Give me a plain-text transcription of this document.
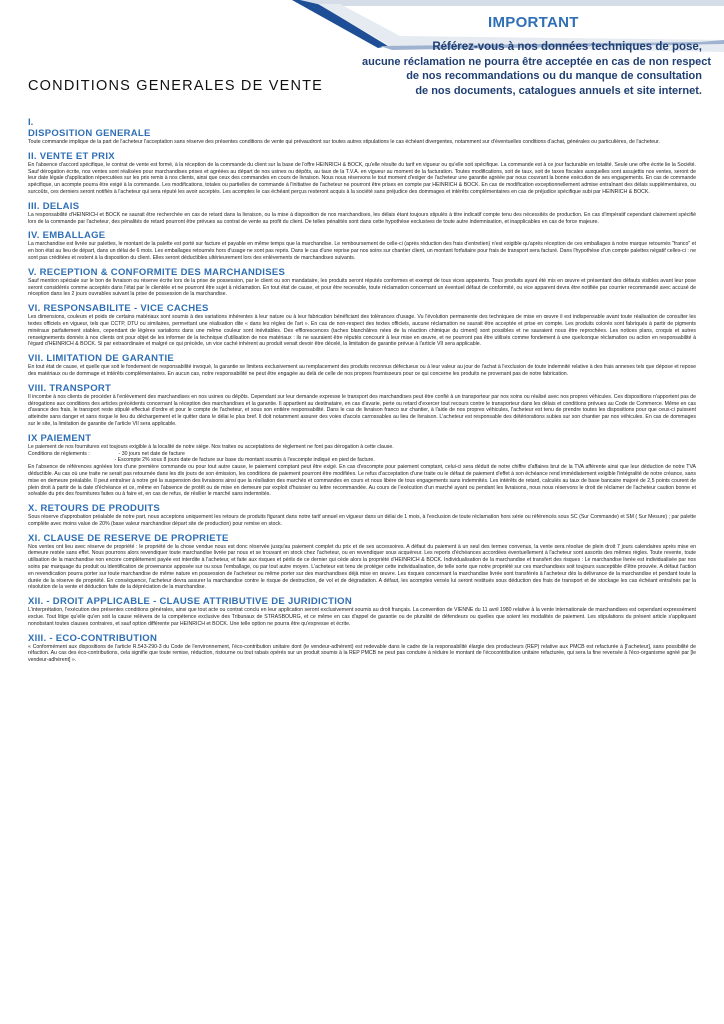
IMPORTANT
Référez-vous à nos données techniques de pose,
aucune réclamation ne pourra être acceptée en cas de non respect
de nos recommandations ou du manque de consultation
de nos documents, catalogues annuels et site internet.
CONDITIONS GENERALES DE VENTE
I.
DISPOSITION GENERALE
Toute commande implique de la part de l'acheteur l'acceptation sans réserve des présentes conditions de vente qui prévaudront sur toutes autres stipulations le cas échéant divergentes, notamment sur d'éventuelles conditions d'achat, générales ou particulières, de l'acheteur.
II. VENTE ET PRIX
En l'absence d'accord spécifique, le contrat de vente est formé, à la réception de la commande du client sur la base de l'offre HEINRICH & BOCK, qu'elle résulte du tarif en vigueur ou qu'elle soit spécifique. La commande est à ce jour facturable en totalité. Seule une offre écrite lie la Société. Sauf dérogation écrite, nos ventes sont réalisées pour marchandises prises et agréées au départ de nos usines ou dépôts, au taux de la T.V.A. en vigueur au moment de la facturation. Toutes modifications, soit de taux, soit de taxes fiscales auxquelles sont assujettis nos ventes, seront de leur date légale d'application répercutées sur les prix remis à nos clients, ainsi que ceux des commandes en cours de livraison. Nous nous réservons le tout moment d'exiger de l'acheteur une garantie agréée par nous couvrant la bonne exécution de ses engagements. En cas de commande spécifique, un acompte pourra être exigé à la commande. Les modifications, totales ou partielles de commande à l'initiative de l'acheteur ne pourront être prises en compte par HEINRICH & BOCK. En cas de modification exceptionnellement admise entraînant des délais supplémentaires, ou surcoûts, ces derniers seront notifiés à l'acheteur qui sera réputé les avoir acceptés. Les acomptes le cas échéant perçus resteront acquis à la société sans préjudice des dommages et intérêts complémentaires en cas de préjudice spécifique subi par HEINRICH & BOCK.
III. DELAIS
La responsabilité d'HEINRICH et BOCK ne saurait être recherchée en cas de retard dans la livraison, ou la mise à disposition de nos marchandises, les délais étant toujours stipulés à titre indicatif compte tenu des nécessités de production. En cas d'impératif cependant clairement spécifié lors de la commande par l'acheteur, des pénalités de retard pourront être prévues au contrat de vente au profit du client. De telles pénalités sont dans cette hypothèse exclusives de toute autre indemnisation, et inapplicables en cas de force majeure.
IV. EMBALLAGE
La marchandise est livrée sur palettes, le montant de la palette est porté sur facture et payable en même temps que la marchandise. Le remboursement de celle-ci (après réduction des frais d'entretien) n'est exigible qu'après réception de ces emballages à notre marque retournés "franco" et en bon état au lieu de départ, dans un délai de 6 mois. Les emballages retournés hors d'usage ne sont pas repris. Dans le cas d'une reprise par nos soins sur chantier client, un montant forfaitaire pour frais de transport sera facturé. Dans l'hypothèse d'un compte palettes négatif celles-ci : ne sont pas créditées et restent à la disposition du client. Elles seront déductibles ultérieurement lors des enlèvements de marchandises suivants.
V. RECEPTION & CONFORMITE DES MARCHANDISES
Sauf mention spéciale sur le bon de livraison ou réserve écrite lors de la prise de possession, par le client ou son mandataire, les produits seront réputés conformes et exempt de tous vices apparents. Tous produits ayant été mis en œuvre et présentant des défauts visibles avant leur pose seront considérés comme acceptés dans l'état par le clientèle et ne pourront être sujet à réclamation. En tout état de cause, et pour être recevable, toute réclamation concernant un éventuel défaut de conformité, ou vice apparent devra être notifiée par courrier recommandé avec accusé de réception dans les 2 jours ouvrables suivant la prise de possession de la marchandise.
VI. RESPONSABILITE - VICE CACHES
Les dimensions, couleurs et poids de certains matériaux sont soumis à des variations inhérentes à leur nature ou à leur fabrication bénéficiant des tolérances d'usage. Vu l'évolution permanente des techniques de mise en œuvre il est indispensable avant toute réalisation de consulter les textes officiels en vigueur, tels que CCTP, DTU ou similaires, permettant une réalisation dite « dans les règles de l'art ». En cas de non-respect des textes officiels, aucune réclamation ne saurait être acceptée et prise en compte. Les produits colorés sont fabriqués à partir de pigments minéraux parfaitement stables, cependant de légères variations dans une même couleur sont inévitables. Des efflorescences (taches blanchâtres nées de la réaction chimique du ciment) sont possibles et ne sauraient nous être reprochées. Les notices plans, croquis et autres renseignements donnés à nos clients ont pour objet de les informer de la technique d'utilisation de nos matériaux : ils ne sauraient être réputés concourir à leur mise en œuvre, et ne pourront pas être utilisés comme fondement à une quelconque réclamation ou action en responsabilité à l'égard d'HEINRICH & BOCK. Si par extraordinaire et malgré ce qui précède, un vice caché inhérent au produit venait devoir être décelé, la limitation de garantie prévue à l'article VII sera applicable.
VII. LIMITATION DE GARANTIE
En tout état de cause, et quelle que soit le fondement de responsabilité invoqué, la garantie se limitera exclusivement au remplacement des produits reconnus défectueux ou à leur valeur au jour de l'achat à l'exclusion de toute indemnité relative à des frais annexes tels que dépose et repose des matériaux ou de dommage et intérêts complémentaires. En aucun cas, notre responsabilité ne peut être engagée au delà de celle de nos propres fournisseurs pour ce qui concerne les produits ne provenant pas de notre fabrication.
VIII. TRANSPORT
Il incombe à nos clients de procéder à l'enlèvement des marchandises en nos usines ou dépôts. Cependant sur leur demande expresse le transport des marchandises peut être confié à un transporteur par nos soins ou réalisé avec nos propres véhicules. Ces dispositions n'apportent pas de dérogations aux conditions des articles précédents concernant la réception des marchandises et la garantie. Il appartient au destinataire, en cas d'avarie, perte ou retard d'exercer tout recours contre le transporteur dans les délais et conditions prévues au Code de Commerce. Même en cas d'avance des frais, le transport reste stipulé effectué d'ordre et pour le compte de l'acheteur, et sous son entière responsabilité. Dans le cas de livraison franco sur chantier, à l'aide de nos propres véhicules, l'acheteur est tenu de prendre toutes les dispositions pour que ceux-ci puissent atteindre sans danger et sans risque le lieu du déchargement et le quitter dans le délai le plus bref. Il doit notamment assurer des voies d'accès carrossables au lieu de livraison. L'acheteur est responsable des détériorations subies sur son chantier par nos véhicules. En cas de dommages sur le site, la limitation de garantie de l'article VII sera applicable.
IX PAIEMENT
Le paiement de nos fournitures est toujours exigible à la localité de notre siège. Nos traites ou acceptations de règlement ne font pas dérogation à cette clause.
Conditions de règlements :                    - 30 jours net date de facture
- Escompte 2% sous 8 jours date de facture sur base du montant soumis à l'escompte indiqué en pied de facture.
En l'absence de références agréées lors d'une première commande ou pour tout autre cause, le paiement comptant peut être exigé. En cas d'escompte pour paiement comptant, celui-ci sera déduit de notre chiffre d'affaires brut de la TVA afférente ainsi que leur déduction de notre TVA déductible. Au cas où une traite ne serait pas retournée dans les dix jours de son émission, les conditions de paiement pourront être modifiées. Le refus d'acceptation d'une traite ou le défaut de paiement d'effet à son échéance rend immédiatement exigible l'intégralité de notre créance, sans mise en demeure préalable. Il peut entraîner à notre gré la suspension des livraisons ainsi que la résiliation des marchés et commandes en cours et nous libère de tous engagements sans indemnités. Les intérêts de retard, calculés au taux de base bancaire majoré de 2,5 points courent de plein droit à partir de la date d'échéance et ce, même en l'absence de protêt ou de mise en demeure par exploit d'huissier ou lettre recommandée. Au cours de l'exécution d'un marché ayant ou pendant les livraisons, nous nous réservons le droit de réclamer de l'acheteur caution bonne et solvable du prix des fournitures faites ou à faire et, en cas de refus, de résilier le marché sans indemnités.
X. RETOURS DE PRODUITS
Sous réserve d'approbation préalable de notre part, nous acceptons uniquement les retours de produits figurant dans notre tarif annuel en vigueur dans un délai de 1 mois, à l'exclusion de toute réclamation hors série ou référencés sous SC (Sur Commande) et SM ( Sur Mesure) ; par palette complète avec moins value de 20% (base valeur marchandise départ site de production) pour remise en stock.
XI. CLAUSE DE RESERVE DE PROPRIETE
Nos ventes ont lieu avec réserve de propriété : le propriété de la chose vendue nous est donc réservée jusqu'au paiement complet du prix et de ses accessoires. A défaut du paiement à un seul des termes convenus, la vente sera résolue de plein droit 7 jours calendaires après mise en demeure restée sans effet. Nous pourrons alors revendiquer toute marchandise livrée par nous et se trouvant en stock chez l'acheteur, ou en revendiquer sous acquéreur. Les reports d'échéances accordées éventuellement à l'acheteur sont assortis des mêmes règles. Toute revente, toute utilisation de la marchandise non encore complètement payée est interdite à l'acheteur, et faite aux risques et périls de ce dernier qui cède alors la propriété d'HEINRICH & BOCK. Individualisation de la marchandise et transfert des risques : Le marchandise livrée est individualisée par nos soins par marquage du produit ou identification de provenance apposée sur ou sous l'emballage, ou par tout autre moyen. L'acheteur est tenu de protéger cette individualisation, de telle sorte que notre propriété sur ces marchandises soit toujours susceptible d'être prouvée. A défaut l'action en revendication pourra porter sur toute marchandise de même nature en possession de l'acheteur ou même porter sur des marchandises déjà mise en œuvre. Les risques concernant la marchandise livrée sont transférés à l'acheteur dès la délivrance de la marchandise et pendant toute la durée de la réserve de propriété. En conséquence, l'acheteur devra assurer la marchandise contre le risque de destruction, de vol et de dégradation. A défaut, les acomptes versés lui seront restitués sous déduction des frais de transport et de stockage les cas échéant entraînés par la résolution de la vente et déduction faite de la dépréciation de la marchandise.
XII. - DROIT APPLICABLE - CLAUSE ATTRIBUTIVE DE JURIDICTION
L'interprétation, l'exécution des présentes conditions générales, ainsi que tout acte ou contrat conclu en leur application seront exclusivement soumis au droit français. La convention de VIENNE du 11 avril 1980 relative à la vente internationale de marchandises est cependant expressément exclue. Tout litige qu'elle qu'en soit la cause relèvera de la compétence exclusive des Tribunaux de STRASBOURG, et ce même en cas d'appel de garantie ou de pluralité de défendeurs ou quelles que soient les modalités de paiement. Les stipulations du présent article s'appliquant nonobstant toutes clauses contraires, et sauf option différente par HEINRICH et BOCK. Une telle option ne pourra être qu'expresse et écrite.
XIII. - ECO-CONTRIBUTION
« Conformément aux dispositions de l'article R.543-290-3 du Code de l'environnement, l'éco-contribution unitaire dont (le vendeur-adhérent) est redevable dans le cadre de la responsabilité élargie des producteurs (REP) relative aux PMCB est refacturée à [l'acheteur], sans possibilité de réfaction. Au cas des éco-contributions, cela signifie que toute remise, réduction, ristourne ou tout rabais opérés sur un produit soumis à la REP PMCB ne peut pas conduire à réduire le montant de l'écocontribution unitaire refacturée, qui sera la fine reversée à l'éco-organisme agréé par [le vendeur-adhérent] ».
